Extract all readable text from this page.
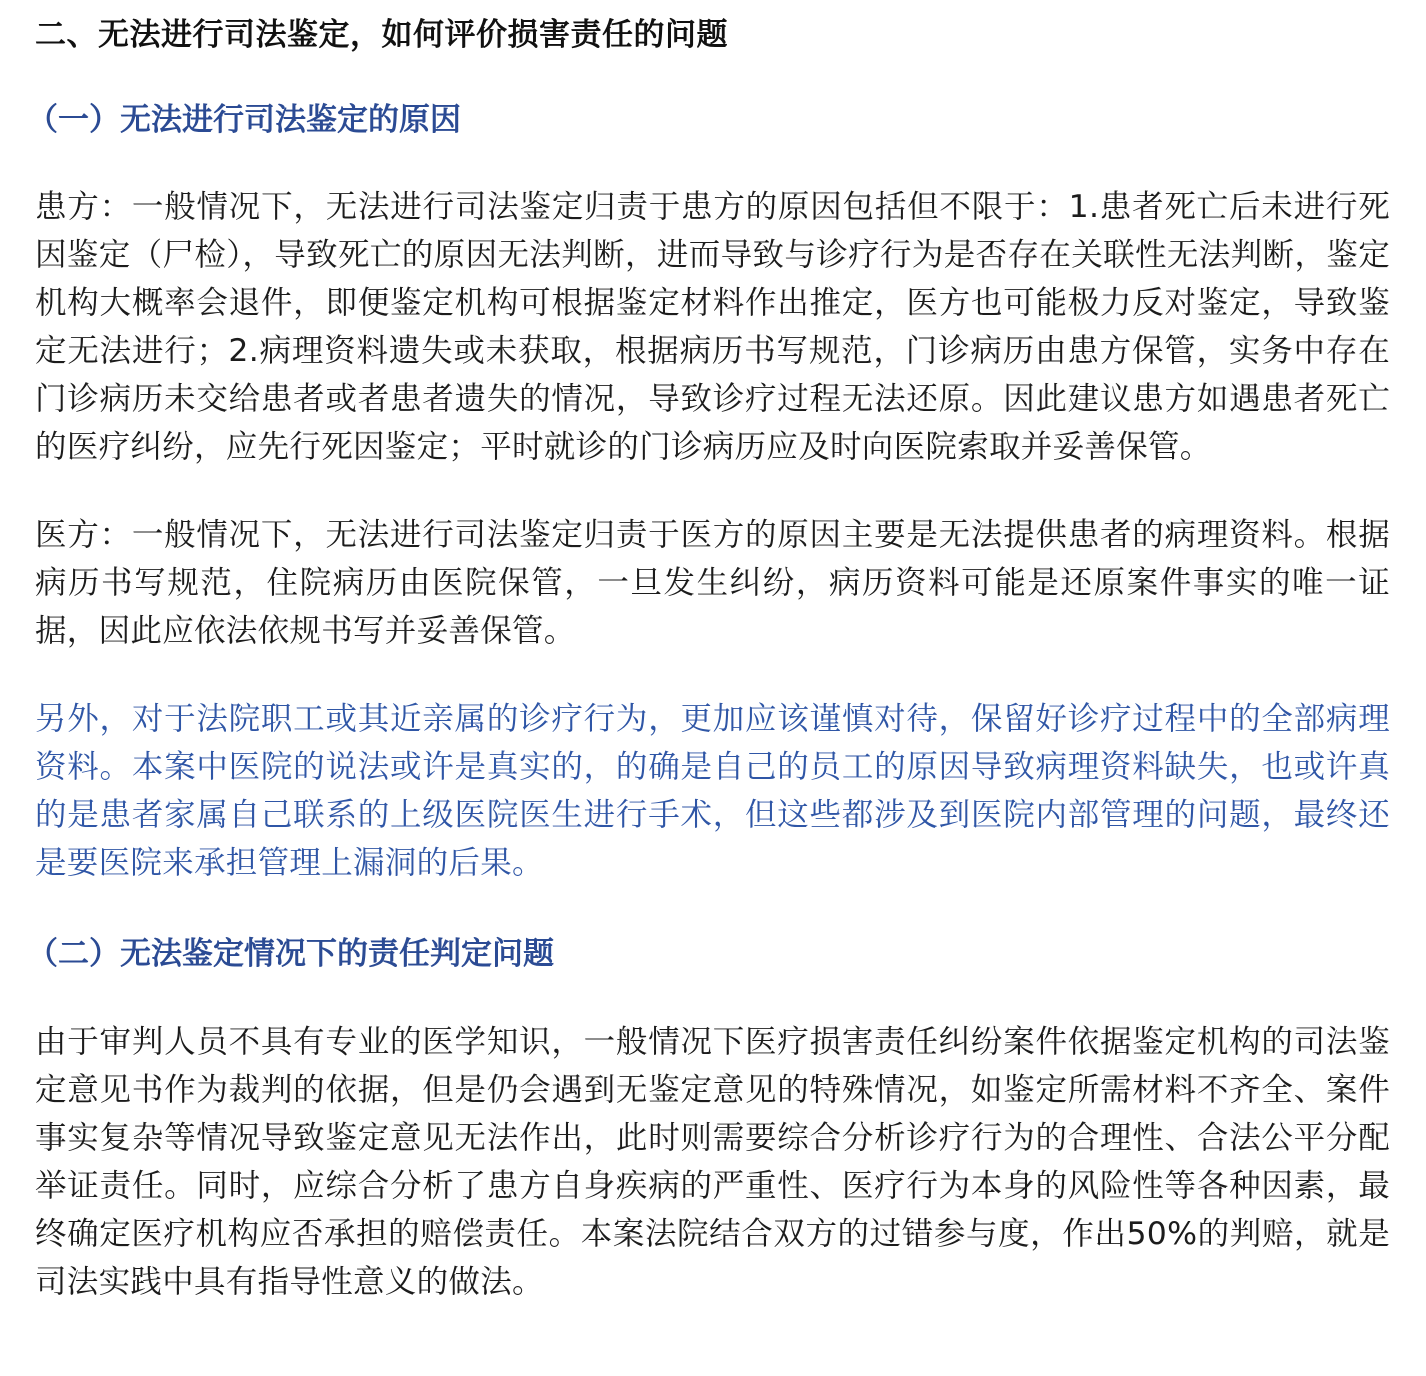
二、无法进行司法鉴定，如何评价损害责任的问题
（一）无法进行司法鉴定的原因

患方：一般情况下，无法进行司法鉴定归责于患方的原因包括但不限于：1.患者死亡后未进行死因鉴定（尸检），导致死亡的原因无法判断，进而导致与诊疗行为是否存在关联性无法判断，鉴定机构大概率会退件，即便鉴定机构可根据鉴定材料作出推定，医方也可能极力反对鉴定，导致鉴定无法进行；2.病理资料遗失或未获取，根据病历书写规范，门诊病历由患方保管，实务中存在门诊病历未交给患者或者患者遗失的情况，导致诊疗过程无法还原。因此建议患方如遇患者死亡的医疗纠纷，应先行死因鉴定；平时就诊的门诊病历应及时向医院索取并妥善保管。

医方：一般情况下，无法进行司法鉴定归责于医方的原因主要是无法提供患者的病理资料。根据病历书写规范，住院病历由医院保管，一旦发生纠纷，病历资料可能是还原案件事实的唯一证据，因此应依法依规书写并妥善保管。

另外，对于法院职工或其近亲属的诊疗行为，更加应该谨慎对待，保留好诊疗过程中的全部病理资料。本案中医院的说法或许是真实的，的确是自己的员工的原因导致病理资料缺失，也或许真的是患者家属自己联系的上级医院医生进行手术，但这些都涉及到医院内部管理的问题，最终还是要医院来承担管理上漏洞的后果。

（二）无法鉴定情况下的责任判定问题

由于审判人员不具有专业的医学知识，一般情况下医疗损害责任纠纷案件依据鉴定机构的司法鉴定意见书作为裁判的依据，但是仍会遇到无鉴定意见的特殊情况，如鉴定所需材料不齐全、案件事实复杂等情况导致鉴定意见无法作出，此时则需要综合分析诊疗行为的合理性、合法公平分配举证责任。同时，应综合分析了患方自身疾病的严重性、医疗行为本身的风险性等各种因素，最终确定医疗机构应否承担的赔偿责任。本案法院结合双方的过错参与度，作出50%的判赔，就是司法实践中具有指导性意义的做法。
